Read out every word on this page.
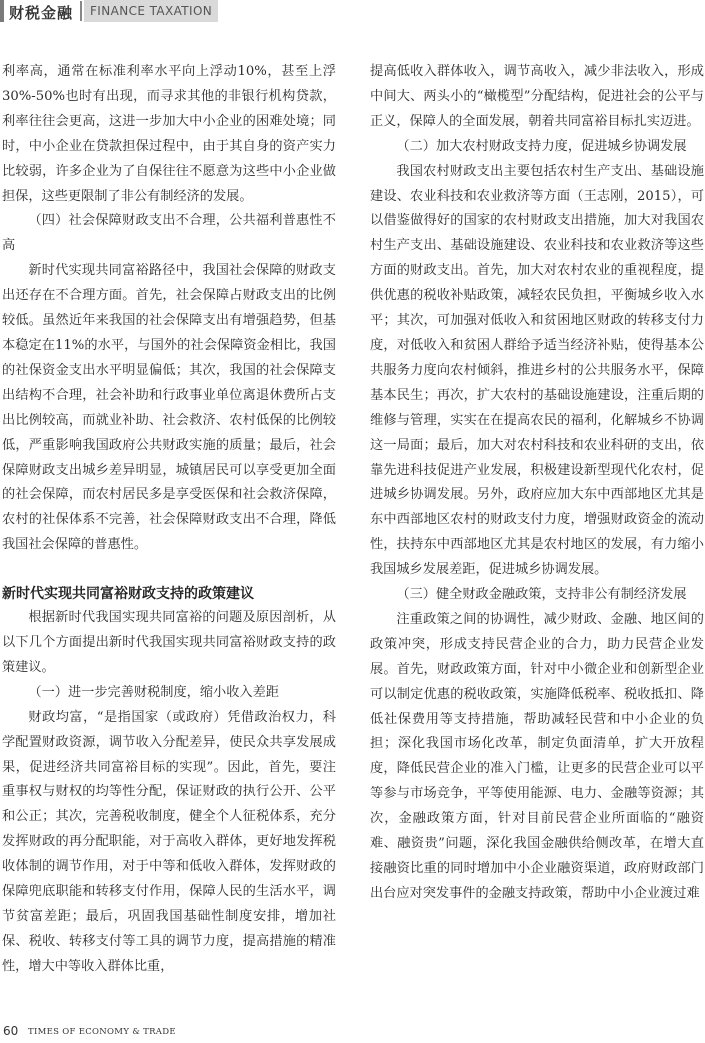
财税金融	FINANCE TAXATION

利率高，通常在标准利率水平向上浮动10%，甚至上浮30%-50%也时有出现，而寻求其他的非银行机构贷款，利率往往会更高，这进一步加大中小企业的困难处境；同时，中小企业在贷款担保过程中，由于其自身的资产实力比较弱，许多企业为了自保往往不愿意为这些中小企业做担保，这些更限制了非公有制经济的发展。

（四）社会保障财政支出不合理，公共福利普惠性不高

新时代实现共同富裕路径中，我国社会保障的财政支出还存在不合理方面。首先，社会保障占财政支出的比例较低。虽然近年来我国的社会保障支出有增强趋势，但基本稳定在11%的水平，与国外的社会保障资金相比，我国的社保资金支出水平明显偏低；其次，我国的社会保障支出结构不合理，社会补助和行政事业单位离退休费所占支出比例较高，而就业补助、社会救济、农村低保的比例较低，严重影响我国政府公共财政实施的质量；最后，社会保障财政支出城乡差异明显，城镇居民可以享受更加全面的社会保障，而农村居民多是享受医保和社会救济保障，农村的社保体系不完善，社会保障财政支出不合理，降低我国社会保障的普惠性。

新时代实现共同富裕财政支持的政策建议

根据新时代我国实现共同富裕的问题及原因剖析，从以下几个方面提出新时代我国实现共同富裕财政支持的政策建议。

（一）进一步完善财税制度，缩小收入差距

财政均富，“是指国家（或政府）凭借政治权力，科学配置财政资源，调节收入分配差异，使民众共享发展成果，促进经济共同富裕目标的实现”。因此，首先，要注重事权与财权的均等性分配，保证财政的执行公开、公平和公正；其次，完善税收制度，健全个人征税体系，充分发挥财政的再分配职能，对于高收入群体，更好地发挥税收体制的调节作用，对于中等和低收入群体，发挥财政的保障兜底职能和转移支付作用，保障人民的生活水平，调节贫富差距；最后，巩固我国基础性制度安排，增加社保、税收、转移支付等工具的调节力度，提高措施的精准性，增大中等收入群体比重，

提高低收入群体收入，调节高收入，减少非法收入，形成中间大、两头小的“橄榄型”分配结构，促进社会的公平与正义，保障人的全面发展，朝着共同富裕目标扎实迈进。

（二）加大农村财政支持力度，促进城乡协调发展

我国农村财政支出主要包括农村生产支出、基础设施建设、农业科技和农业救济等方面（王志刚，2015），可以借鉴做得好的国家的农村财政支出措施，加大对我国农村生产支出、基础设施建设、农业科技和农业救济等这些方面的财政支出。首先，加大对农村农业的重视程度，提供优惠的税收补贴政策，减轻农民负担，平衡城乡收入水平；其次，可加强对低收入和贫困地区财政的转移支付力度，对低收入和贫困人群给予适当经济补贴，使得基本公共服务力度向农村倾斜，推进乡村的公共服务水平，保障基本民生；再次，扩大农村的基础设施建设，注重后期的维修与管理，实实在在提高农民的福利，化解城乡不协调这一局面；最后，加大对农村科技和农业科研的支出，依靠先进科技促进产业发展，积极建设新型现代化农村，促进城乡协调发展。另外，政府应加大东中西部地区尤其是东中西部地区农村的财政支付力度，增强财政资金的流动性，扶持东中西部地区尤其是农村地区的发展，有力缩小我国城乡发展差距，促进城乡协调发展。

（三）健全财政金融政策，支持非公有制经济发展

注重政策之间的协调性，减少财政、金融、地区间的政策冲突，形成支持民营企业的合力，助力民营企业发展。首先，财政政策方面，针对中小微企业和创新型企业可以制定优惠的税收政策，实施降低税率、税收抵扣、降低社保费用等支持措施，帮助减轻民营和中小企业的负担；深化我国市场化改革，制定负面清单，扩大开放程度，降低民营企业的准入门槛，让更多的民营企业可以平等参与市场竞争，平等使用能源、电力、金融等资源；其次，金融政策方面，针对目前民营企业所面临的“融资难、融资贵”问题，深化我国金融供给侧改革，在增大直接融资比重的同时增加中小企业融资渠道，政府财政部门出台应对突发事件的金融支持政策，帮助中小企业渡过难

60 TIMES OF ECONOMY & TRADE
